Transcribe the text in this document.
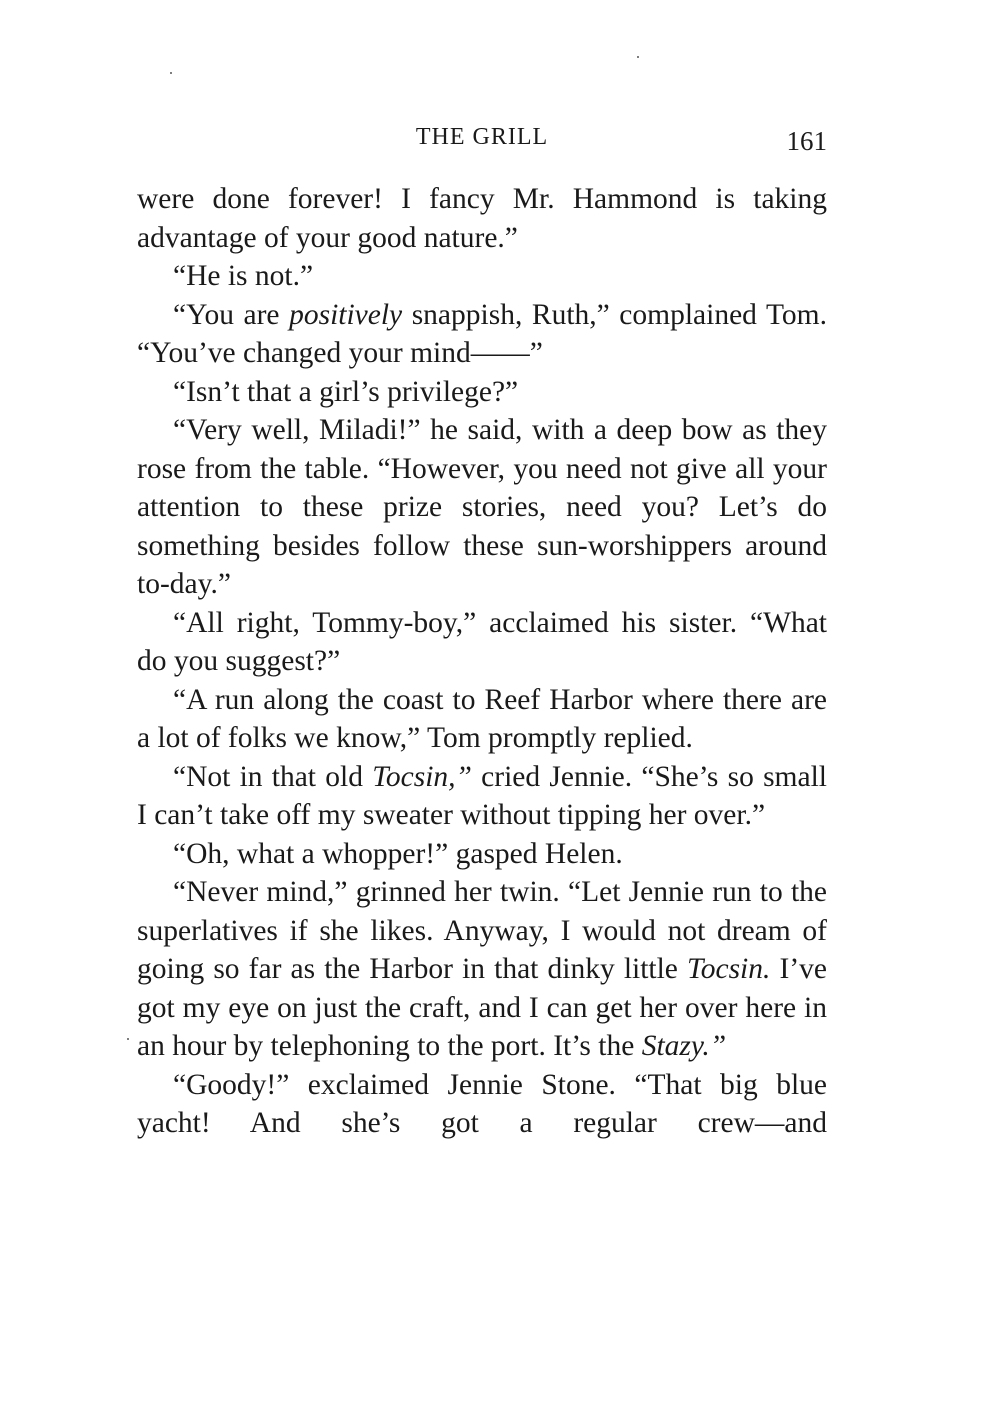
THE GRILL	161

were done forever! I fancy Mr. Hammond is taking advantage of your good nature.”

“He is not.”

“You are positively snappish, Ruth,” complained Tom. “You’ve changed your mind——”

“Isn’t that a girl’s privilege?”

“Very well, Miladi!” he said, with a deep bow as they rose from the table. “However, you need not give all your attention to these prize stories, need you? Let’s do something besides follow these sun-worshippers around to-day.”

“All right, Tommy-boy,” acclaimed his sister. “What do you suggest?”

“A run along the coast to Reef Harbor where there are a lot of folks we know,” Tom promptly replied.

“Not in that old Tocsin,” cried Jennie. “She’s so small I can’t take off my sweater without tipping her over.”

“Oh, what a whopper!” gasped Helen.

“Never mind,” grinned her twin. “Let Jennie run to the superlatives if she likes. Anyway, I would not dream of going so far as the Harbor in that dinky little Tocsin. I’ve got my eye on just the craft, and I can get her over here in an hour by telephoning to the port. It’s the Stazy.”

“Goody!” exclaimed Jennie Stone. “That big blue yacht! And she’s got a regular crew—and
